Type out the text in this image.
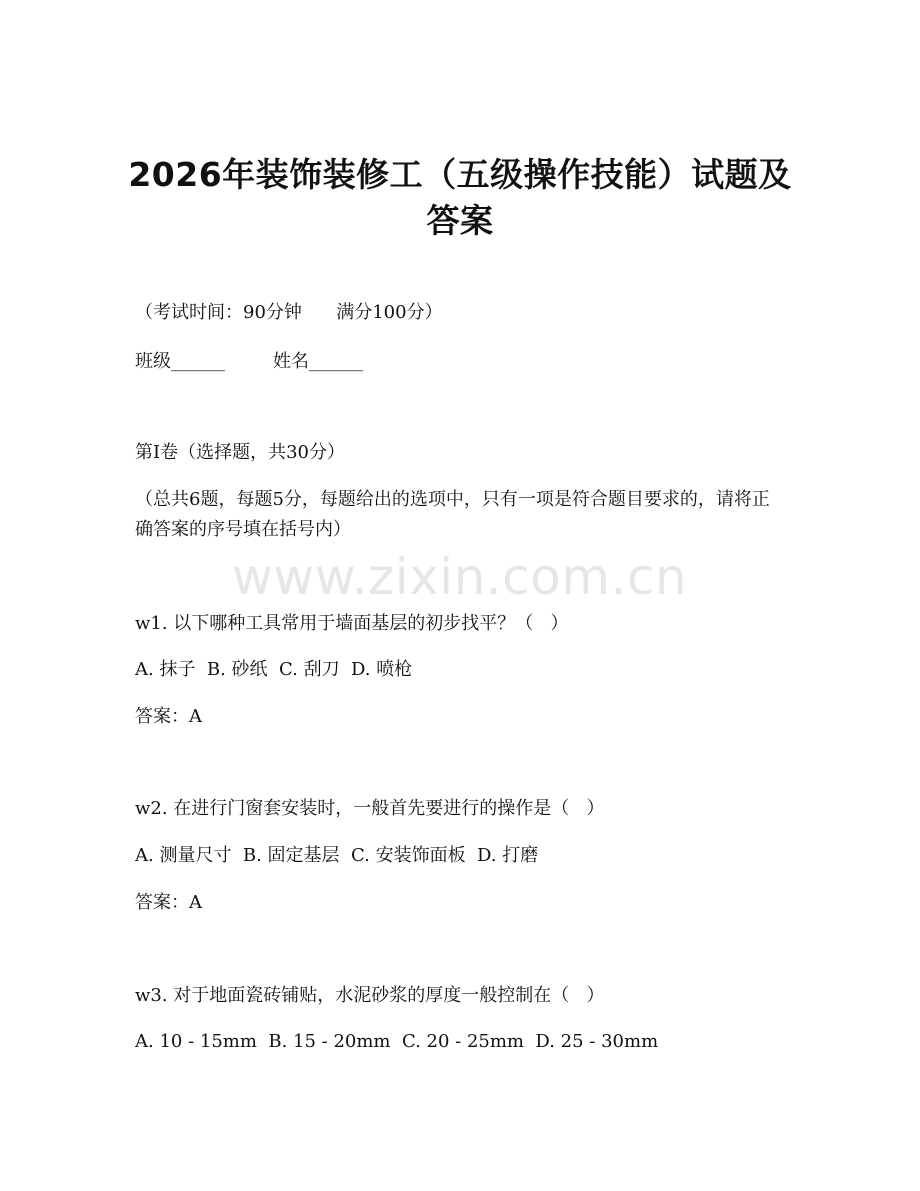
www.zixin.com.cn
2026年装饰装修工（五级操作技能）试题及答案
（考试时间：90分钟      满分100分）
班级______	姓名______
第I卷（选择题，共30分）
（总共6题，每题5分，每题给出的选项中，只有一项是符合题目要求的，请将正确答案的序号填在括号内）
w1. 以下哪种工具常用于墙面基层的初步找平？（   ）
A. 抹子  B. 砂纸  C. 刮刀  D. 喷枪
答案：A
w2. 在进行门窗套安装时，一般首先要进行的操作是（   ）
A. 测量尺寸  B. 固定基层  C. 安装饰面板  D. 打磨
答案：A
w3. 对于地面瓷砖铺贴，水泥砂浆的厚度一般控制在（   ）
A. 10 - 15mm  B. 15 - 20mm  C. 20 - 25mm  D. 25 - 30mm
